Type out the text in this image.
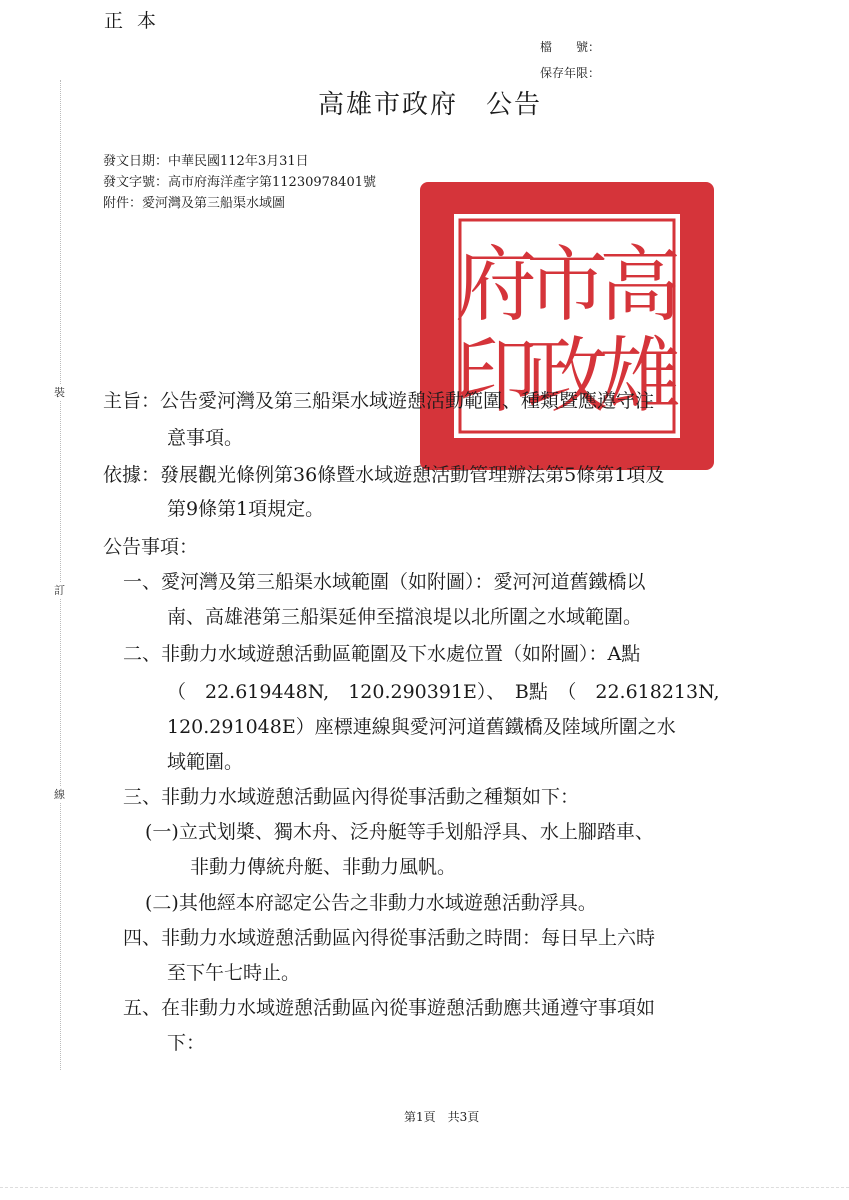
正本
檔　　號：
保存年限：
高雄市政府　公告
發文日期：中華民國112年3月31日
發文字號：高市府海洋產字第11230978401號
附件：愛河灣及第三船渠水域圖
裝
訂
線
高
雄
市
政
府
印
主旨：公告愛河灣及第三船渠水域遊憩活動範圍、種類暨應遵守注
意事項。
依據：發展觀光條例第36條暨水域遊憩活動管理辦法第5條第1項及
第9條第1項規定。
公告事項：
一、愛河灣及第三船渠水域範圍（如附圖）：愛河河道舊鐵橋以
南、高雄港第三船渠延伸至擋浪堤以北所圍之水域範圍。
二、非動力水域遊憩活動區範圍及下水處位置（如附圖）：A點
（　22.619448N,　120.290391E）、　B點　（　22.618213N,
120.291048E）座標連線與愛河河道舊鐵橋及陸域所圍之水
域範圍。
三、非動力水域遊憩活動區內得從事活動之種類如下：
(一)立式划槳、獨木舟、泛舟艇等手划船浮具、水上腳踏車、
非動力傳統舟艇、非動力風帆。
(二)其他經本府認定公告之非動力水域遊憩活動浮具。
四、非動力水域遊憩活動區內得從事活動之時間：每日早上六時
至下午七時止。
五、在非動力水域遊憩活動區內從事遊憩活動應共通遵守事項如
下：
第1頁　共3頁
